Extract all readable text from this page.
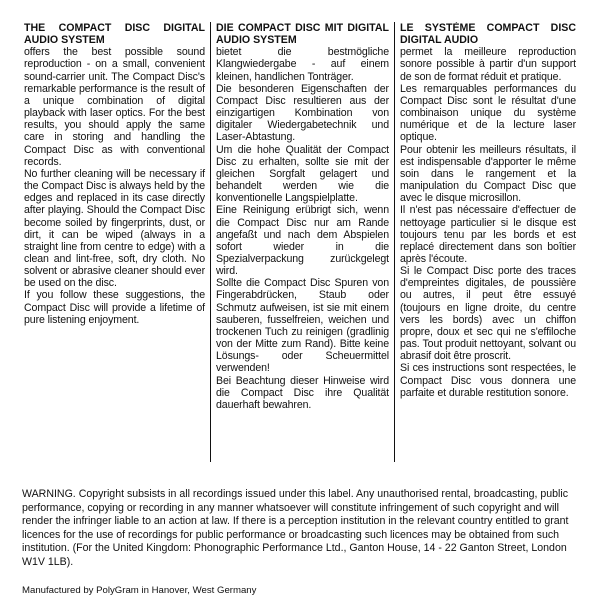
THE COMPACT DISC DIGITAL AUDIO SYSTEM

offers the best possible sound reproduction - on a small, convenient sound-carrier unit. The Compact Disc's remarkable performance is the result of a unique combination of digital playback with laser optics. For the best results, you should apply the same care in storing and handling the Compact Disc as with conventional records.

No further cleaning will be necessary if the Compact Disc is always held by the edges and replaced in its case directly after playing. Should the Compact Disc become soiled by fingerprints, dust, or dirt, it can be wiped (always in a straight line from centre to edge) with a clean and lint-free, soft, dry cloth. No solvent or abrasive cleaner should ever be used on the disc.

If you follow these suggestions, the Compact Disc will provide a lifetime of pure listening enjoyment.

DIE COMPACT DISC MIT DIGITAL AUDIO SYSTEM

bietet die bestmögliche Klangwiedergabe - auf einem kleinen, handlichen Tonträger.

Die besonderen Eigenschaften der Compact Disc resultieren aus der einzigartigen Kombination von digitaler Wiedergabetechnik und Laser-Abtastung.

Um die hohe Qualität der Compact Disc zu erhalten, sollte sie mit der gleichen Sorgfalt gelagert und behandelt werden wie die konventionelle Langspielplatte.

Eine Reinigung erübrigt sich, wenn die Compact Disc nur am Rande angefaßt und nach dem Abspielen sofort wieder in die Spezialverpackung zurückgelegt wird.

Sollte die Compact Disc Spuren von Fingerabdrücken, Staub oder Schmutz aufweisen, ist sie mit einem sauberen, fusselfreien, weichen und trockenen Tuch zu reinigen (gradlinig von der Mitte zum Rand). Bitte keine Lösungs- oder Scheuermittel verwenden!

Bei Beachtung dieser Hinweise wird die Compact Disc ihre Qualität dauerhaft bewahren.

LE SYSTÈME COMPACT DISC DIGITAL AUDIO

permet la meilleure reproduction sonore possible à partir d'un support de son de format réduit et pratique.

Les remarquables performances du Compact Disc sont le résultat d'une combinaison unique du système numérique et de la lecture laser optique.

Pour obtenir les meilleurs résultats, il est indispensable d'apporter le même soin dans le rangement et la manipulation du Compact Disc que avec le disque microsillon.

Il n'est pas nécessaire d'effectuer de nettoyage particulier si le disque est toujours tenu par les bords et est replacé directement dans son boîtier après l'écoute.

Si le Compact Disc porte des traces d'empreintes digitales, de poussière ou autres, il peut être essuyé (toujours en ligne droite, du centre vers les bords) avec un chiffon propre, doux et sec qui ne s'effiloche pas. Tout produit nettoyant, solvant ou abrasif doit être proscrit.

Si ces instructions sont respectées, le Compact Disc vous donnera une parfaite et durable restitution sonore.

WARNING. Copyright subsists in all recordings issued under this label. Any unauthorised rental, broadcasting, public performance, copying or recording in any manner whatsoever will constitute infringement of such copyright and will render the infringer liable to an action at law. If there is a perception institution in the relevant country entitled to grant licences for the use of recordings for public performance or broadcasting such licences may be obtained from such institution. (For the United Kingdom: Phonographic Performance Ltd., Ganton House, 14 - 22 Ganton Street, London W1V 1LB).

Manufactured by PolyGram in Hanover, West Germany
